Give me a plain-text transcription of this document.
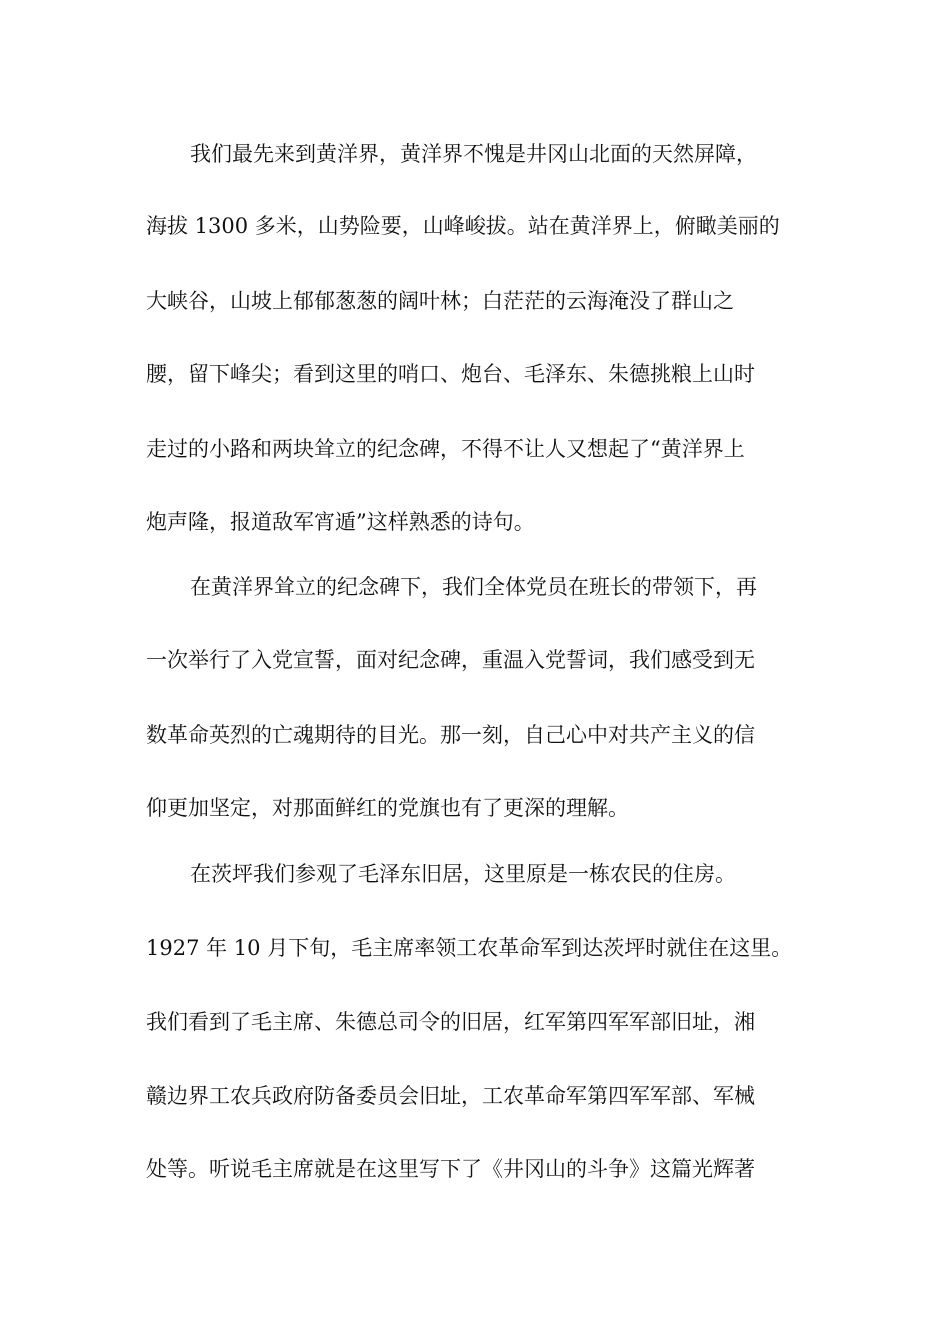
我们最先来到黄洋界，黄洋界不愧是井冈山北面的天然屏障，
海拔 1300 多米，山势险要，山峰峻拔。站在黄洋界上，俯瞰美丽的
大峡谷，山坡上郁郁葱葱的阔叶林；白茫茫的云海淹没了群山之
腰，留下峰尖；看到这里的哨口、炮台、毛泽东、朱德挑粮上山时
走过的小路和两块耸立的纪念碑，不得不让人又想起了“黄洋界上
炮声隆，报道敌军宵遁”这样熟悉的诗句。
在黄洋界耸立的纪念碑下，我们全体党员在班长的带领下，再
一次举行了入党宣誓，面对纪念碑，重温入党誓词，我们感受到无
数革命英烈的亡魂期待的目光。那一刻，自己心中对共产主义的信
仰更加坚定，对那面鲜红的党旗也有了更深的理解。
在茨坪我们参观了毛泽东旧居，这里原是一栋农民的住房。
1927 年 10 月下旬，毛主席率领工农革命军到达茨坪时就住在这里。
我们看到了毛主席、朱德总司令的旧居，红军第四军军部旧址，湘
赣边界工农兵政府防备委员会旧址，工农革命军第四军军部、军械
处等。听说毛主席就是在这里写下了《井冈山的斗争》这篇光辉著
